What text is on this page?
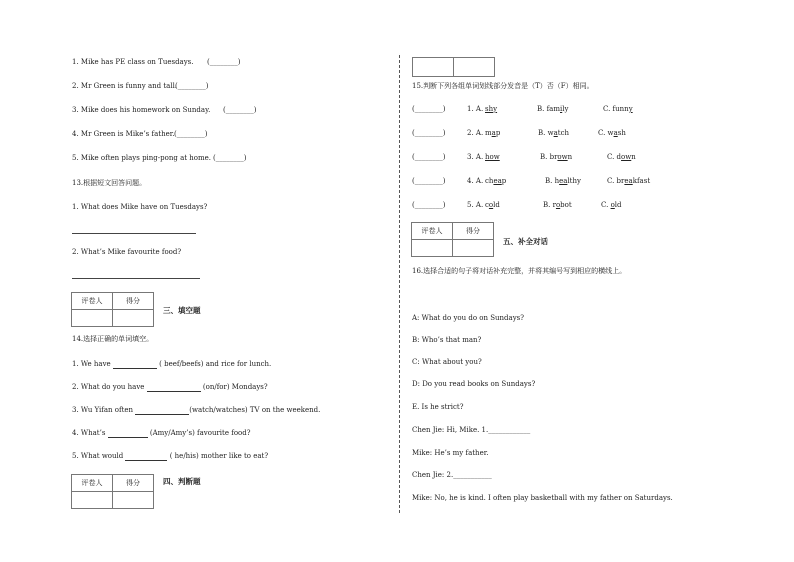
13.根据短文回答问题。
1. What does Mike have on Tuesdays?
2. What’s Mike favourite food?
评卷人	得分

三、填空题
14.选择正确的单词填空。
评卷人	得分
		四、判断题

15.判断下列各组单词划线部分发音是（T）否（F）相同。
评卷人	得分

五、补全对话
16.选择合适的句子将对话补充完整，并将其编号写到相应的横线上。
1. Mike has PE class on Tuesdays. (________)
2. Mr Green is funny and tall.
(________)
3. Mike does his homework on Sunday. (________)
4. Mr Green is Mike’s father. (________)
5. Mike often plays ping-pong at home. (________)
1. We have	( beef/beefs) and rice for lunch.
2. What do you have	(on/for) Mondays?
3. Wu Yifan often	(watch/watches) TV on the weekend.
4. What’s	(Amy/Amy’s) favourite food?
5. What would	( he/his) mother like to eat?
(________)	1. A. shy	B. family	C. funny
(________)	2. A. map	B. watch	C. wash
(________)	3. A. how	B. brown	C. down
(________)	4. A. cheap	B. healthy	C. breakfast
(________)	5. A. cold	B. robot	C. old
A: What do you do on Sundays?
B: Who’s that man?
C: What about you?
D: Do you read books on Sundays?
E. Is he strict?
Chen Jie: Hi, Mike. 1.____________
Mike: He’s my father.
Chen Jie: 2.___________
Mike: No, he is kind. I often play basketball with my father on Saturdays.
